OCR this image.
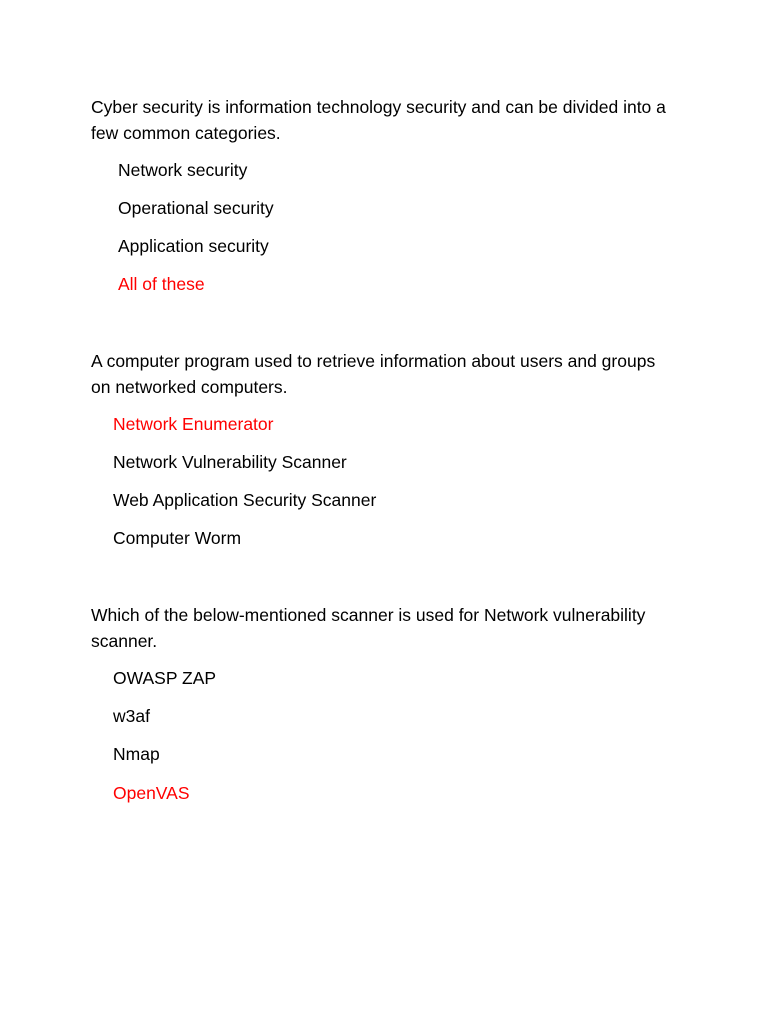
Cyber security is information technology security and can be divided into a few common categories.

Network security

Operational security

Application security

All of these

A computer program used to retrieve information about users and groups on networked computers.

Network Enumerator

Network Vulnerability Scanner

Web Application Security Scanner

Computer Worm

Which of the below-mentioned scanner is used for Network vulnerability scanner.

OWASP ZAP

w3af

Nmap

OpenVAS
